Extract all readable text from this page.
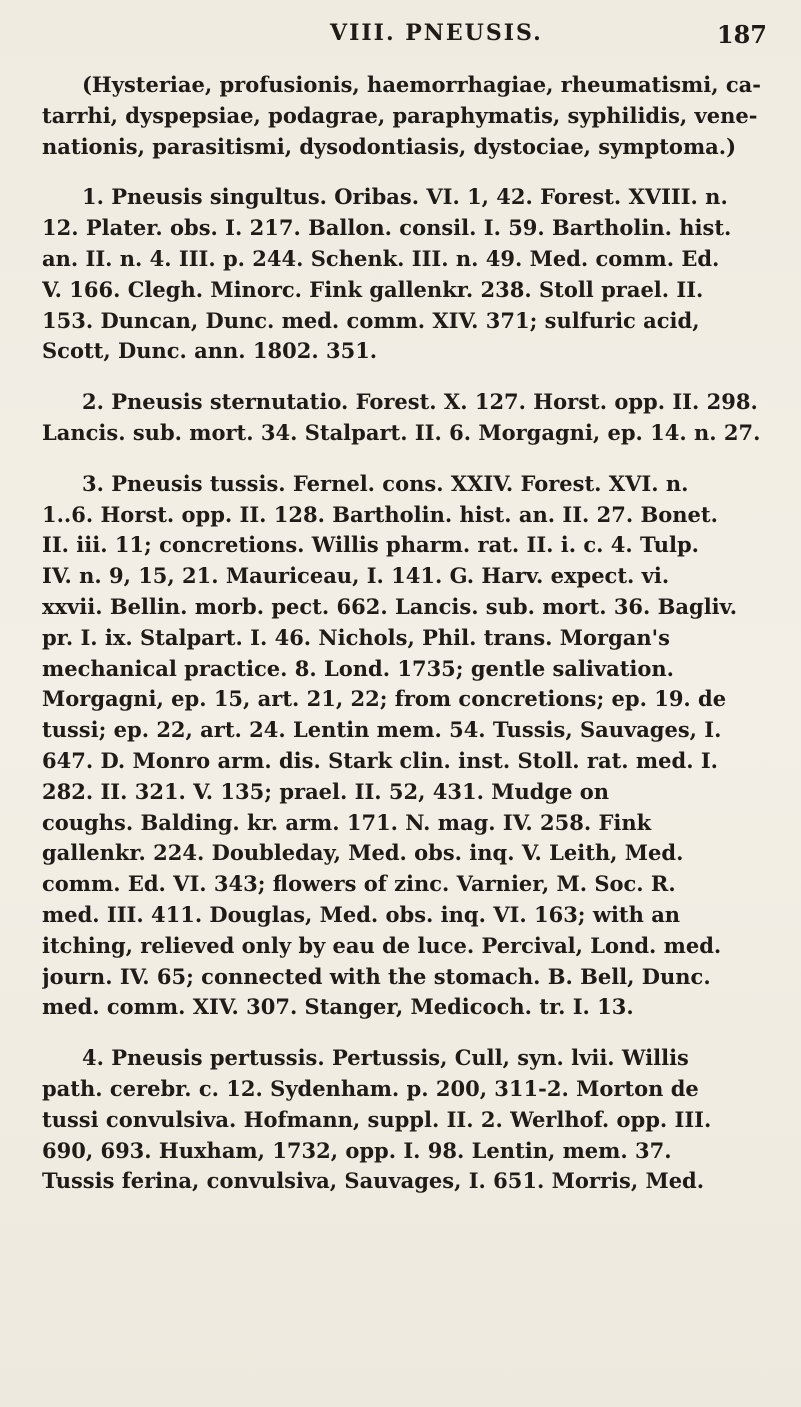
VIII. PNEUSIS.	187
(Hysteriae, profusionis, haemorrhagiae, rheumatismi, ca-
tarrhi, dyspepsiae, podagrae, paraphymatis, syphilidis, vene-
nationis, parasitismi, dysodontiasis, dystociae, symptoma.)
1. Pneusis singultus. Oribas. VI. 1, 42. Forest. XVIII. n.
12. Plater. obs. I. 217. Ballon. consil. I. 59. Bartholin. hist.
an. II. n. 4. III. p. 244. Schenk. III. n. 49. Med. comm. Ed.
V. 166. Clegh. Minorc. Fink gallenkr. 238. Stoll prael. II.
153. Duncan, Dunc. med. comm. XIV. 371; sulfuric acid,
Scott, Dunc. ann. 1802. 351.
2. Pneusis sternutatio. Forest. X. 127. Horst. opp. II. 298.
Lancis. sub. mort. 34. Stalpart. II. 6. Morgagni, ep. 14. n. 27.
3. Pneusis tussis. Fernel. cons. XXIV. Forest. XVI. n.
1..6. Horst. opp. II. 128. Bartholin. hist. an. II. 27. Bonet.
II. iii. 11; concretions. Willis pharm. rat. II. i. c. 4. Tulp.
IV. n. 9, 15, 21. Mauriceau, I. 141. G. Harv. expect. vi.
xxvii. Bellin. morb. pect. 662. Lancis. sub. mort. 36. Bagliv.
pr. I. ix. Stalpart. I. 46. Nichols, Phil. trans. Morgan's
mechanical practice. 8. Lond. 1735; gentle salivation.
Morgagni, ep. 15, art. 21, 22; from concretions; ep. 19. de
tussi; ep. 22, art. 24. Lentin mem. 54. Tussis, Sauvages, I.
647. D. Monro arm. dis. Stark clin. inst. Stoll. rat. med. I.
282. II. 321. V. 135; prael. II. 52, 431. Mudge on
coughs. Balding. kr. arm. 171. N. mag. IV. 258. Fink
gallenkr. 224. Doubleday, Med. obs. inq. V. Leith, Med.
comm. Ed. VI. 343; flowers of zinc. Varnier, M. Soc. R.
med. III. 411. Douglas, Med. obs. inq. VI. 163; with an
itching, relieved only by eau de luce. Percival, Lond. med.
journ. IV. 65; connected with the stomach. B. Bell, Dunc.
med. comm. XIV. 307. Stanger, Medicoch. tr. I. 13.
4. Pneusis pertussis. Pertussis, Cull, syn. lvii. Willis
path. cerebr. c. 12. Sydenham. p. 200, 311-2. Morton de
tussi convulsiva. Hofmann, suppl. II. 2. Werlhof. opp. III.
690, 693. Huxham, 1732, opp. I. 98. Lentin, mem. 37.
Tussis ferina, convulsiva, Sauvages, I. 651. Morris, Med.
